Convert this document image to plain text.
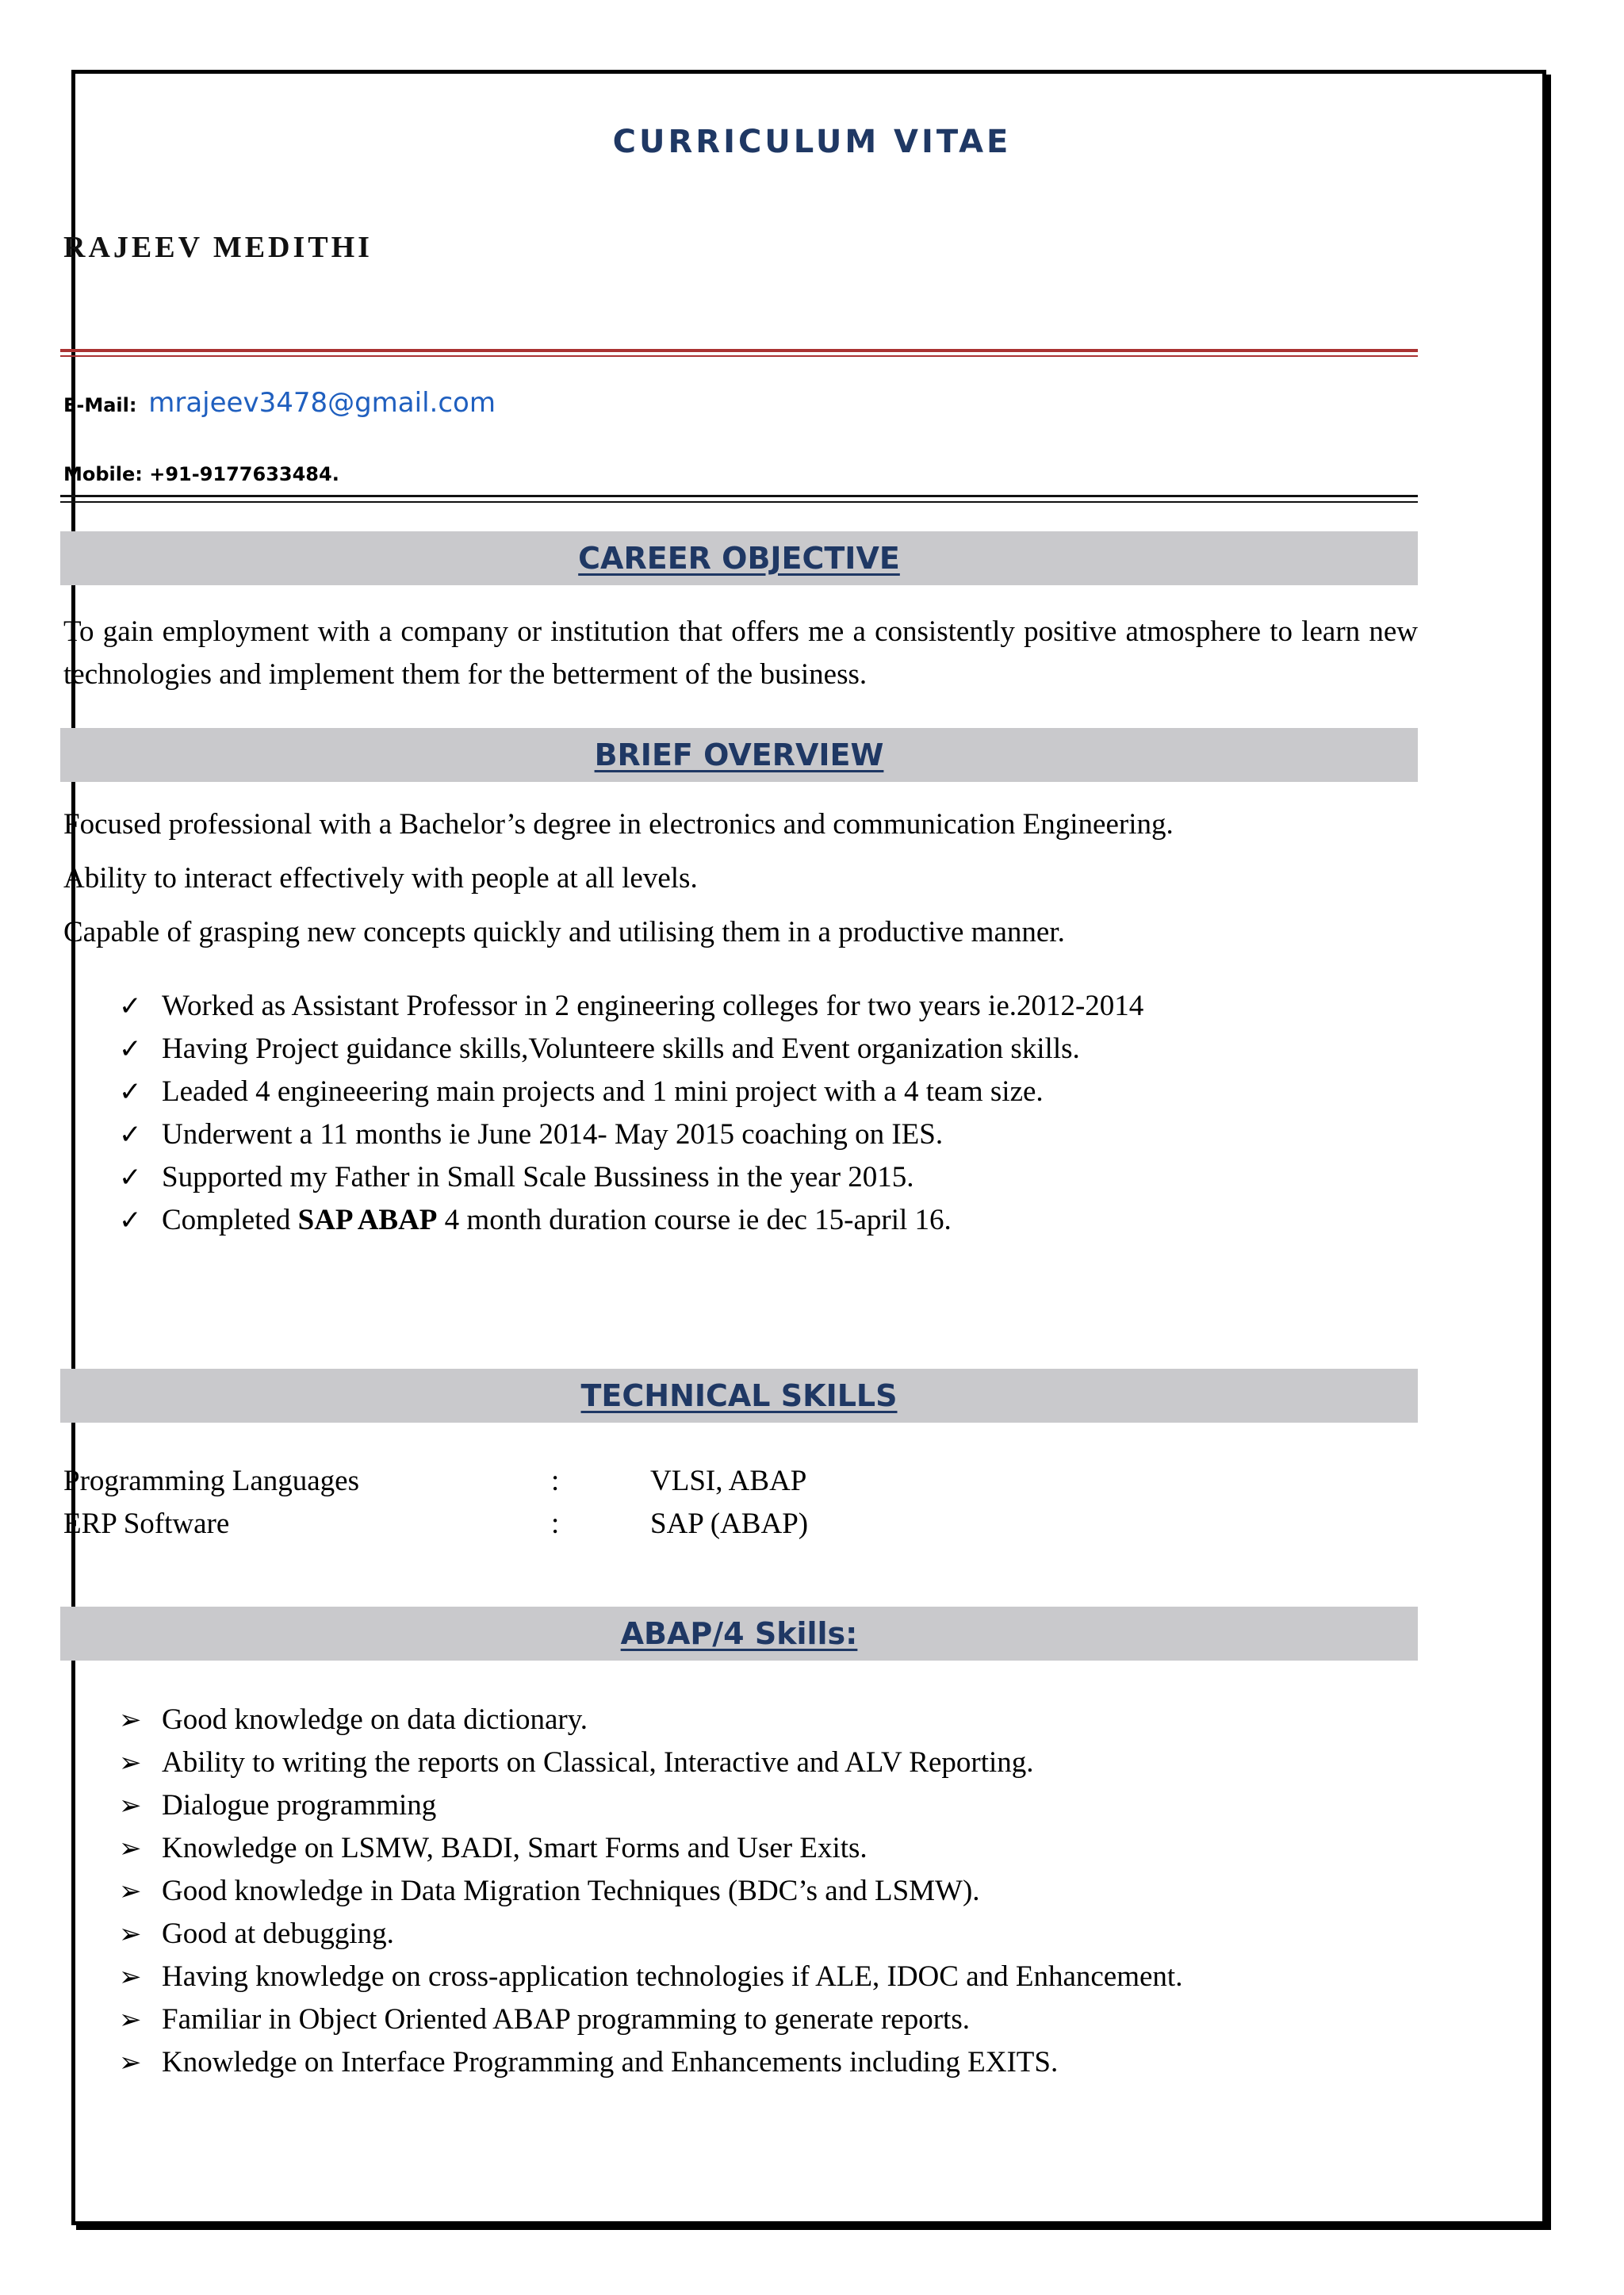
CURRICULUM VITAE
RAJEEV MEDITHI
E-Mail: mrajeev3478@gmail.com
Mobile: +91-9177633484.
CAREER OBJECTIVE
To gain employment with a company or institution that offers me a consistently positive atmosphere to learn new technologies and implement them for the betterment of the business.
BRIEF OVERVIEW
Focused professional with a Bachelor’s degree in electronics and communication Engineering.
Ability to interact effectively with people at all levels.
Capable of grasping new concepts quickly and utilising them in a productive manner.
✓ Worked as Assistant Professor in 2 engineering colleges for two years ie.2012-2014
✓ Having Project guidance skills,Volunteere skills and Event organization skills.
✓ Leaded 4 engineeering main projects and 1 mini project with a 4 team size.
✓ Underwent a 11 months ie June 2014- May 2015 coaching on IES.
✓ Supported my Father in Small Scale Bussiness in the year 2015.
✓ Completed SAP ABAP 4 month duration course ie dec 15-april 16.
TECHNICAL SKILLS
Programming Languages	:	VLSI, ABAP
ERP Software	:	SAP (ABAP)
ABAP/4 Skills:
➢ Good knowledge on data dictionary.
➢ Ability to writing the reports on Classical, Interactive and ALV Reporting.
➢ Dialogue programming
➢ Knowledge on LSMW, BADI, Smart Forms and User Exits.
➢ Good knowledge in Data Migration Techniques (BDC’s and LSMW).
➢ Good at debugging.
➢ Having knowledge on cross-application technologies if ALE, IDOC and Enhancement.
➢ Familiar in Object Oriented ABAP programming to generate reports.
➢ Knowledge on Interface Programming and Enhancements including EXITS.
